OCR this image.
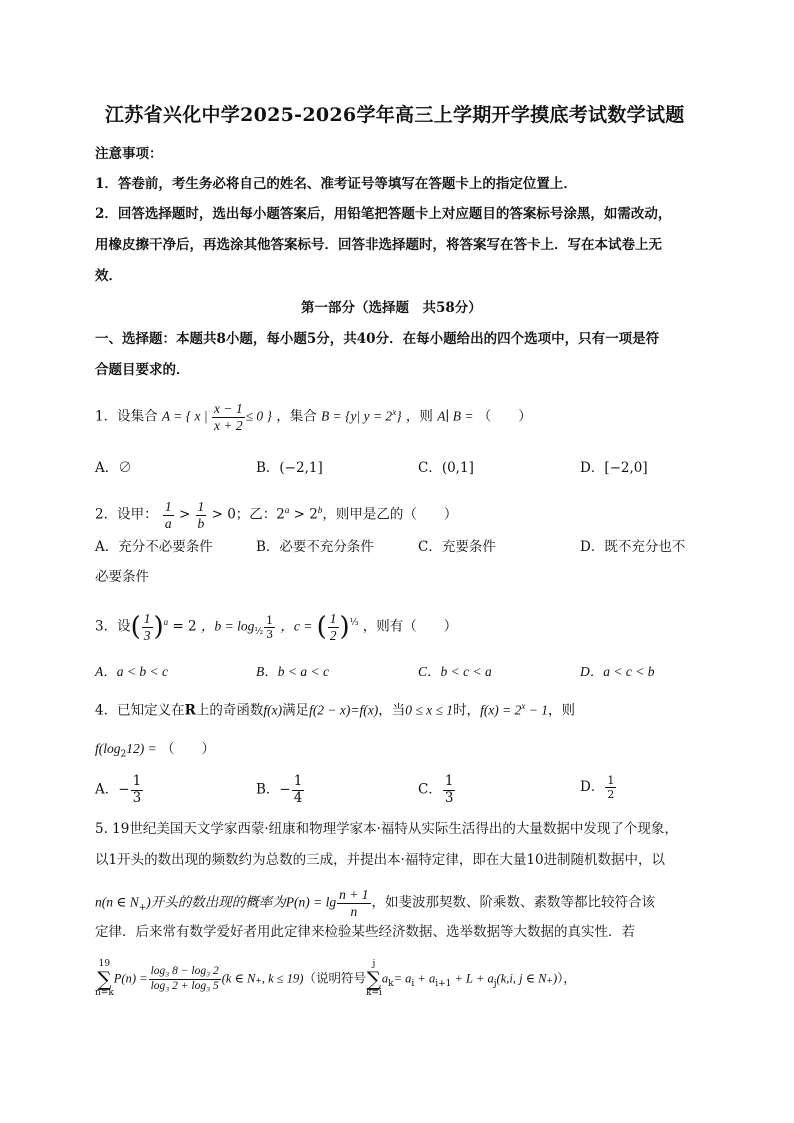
江苏省兴化中学2025-2026学年高三上学期开学摸底考试数学试题
注意事项：
1．答卷前，考生务必将自己的姓名、准考证号等填写在答题卡上的指定位置上．
2．回答选择题时，选出每小题答案后，用铅笔把答题卡上对应题目的答案标号涂黑，如需改动，
用橡皮擦干净后，再选涂其他答案标号．回答非选择题时，将答案写在答卡上．写在本试卷上无
效．
第一部分（选择题　共58分）
一、选择题：本题共8小题，每小题5分，共40分．在每小题给出的四个选项中，只有一项是符
合题目要求的．
1．设集合 A = { x | $\frac{x - 1}{x + 2} \le 0$ } ，集合 B = {y| $y = 2^x$} ，则 A∣ B = （　　）
A．∅	B．(−2,1]	C．(0,1]	D．[−2,0]
2．设甲： $\frac{1}{a} > \frac{1}{b} > 0$；乙：$2^a > 2^b$，则甲是乙的（　　）
A．充分不必要条件	B．必要不充分条件	C．充要条件	D．既不充分也不
必要条件
3．设( $\frac{1}{3} )^a = 2$ ，$b = \log_{\frac{1}{2}} \frac{1}{3}$ ，c = ( $\frac{1}{2} )^{\frac{1}{3}}$ ，则有（　　）
A．a < b < c	B．b < a < c	C．b < c < a	D．a < c < b
4．已知定义在R上的奇函数f(x)满足f(2 − x)=f(x)，当0 ≤ x ≤ 1时，$f(x) = 2^x - 1$，则
$f(\log_212)$ = （　　）
A．− $\frac{1}{3}$	B．− $\frac{1}{4}$	C． $\frac{1}{3}$	D． $\frac{1}{2}$
5. 19世纪美国天文学家西蒙·纽康和物理学家本·福特从实际生活得出的大量数据中发现了个现象，
以1开头的数出现的频数约为总数的三成，并提出本·福特定律，即在大量10进制随机数据中，以
n(n ∈ $N_+$)开头的数出现的概率为$P(n) = \lg \frac{n + 1}{n}$ ，如斐波那契数、阶乘数、素数等都比较符合该
定律．后来常有数学爱好者用此定律来检验某些经济数据、选举数据等大数据的真实性．若
19
∑
$n=kP(n) = \frac{\text{log₃ 8 − log₃ 2}}{\text{log₃ 2 + log₃ 5}} (k$ ∈ N₊, k ≤ 19)（说明符号j
∑
$k=ia_k= a_i + a_{i+1} + L + a_j(k,i$, j ∈ N₊)），
